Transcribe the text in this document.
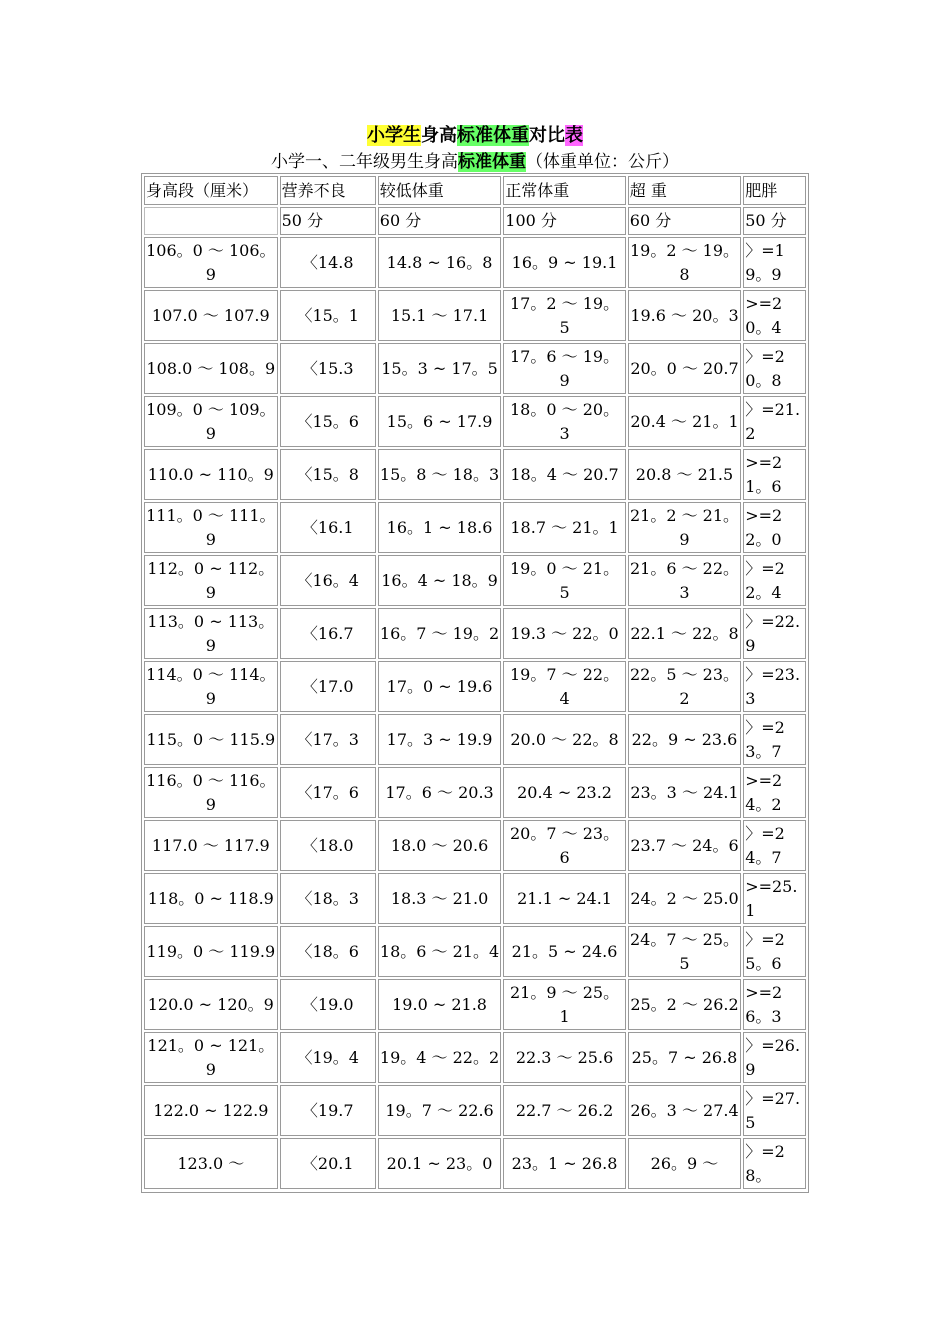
小学生身高标准体重对比表
小学一、二年级男生身高标准体重（体重单位：公斤）
身高段（厘米）	营养不良	较低体重	正常体重	超 重	肥胖
	50 分	60 分	100 分	60 分	50 分
106。0 ～ 106。9	〈14.8	14.8 ~ 16。8	16。9 ~ 19.1	19。2 ～ 19。8	〉=19。9
107.0 ～ 107.9	〈15。1	15.1 ～ 17.1	17。2 ～ 19。5	19.6 ～ 20。3	>=20。4
108.0 ～ 108。9	〈15.3	15。3 ~ 17。5	17。6 ～ 19。9	20。0 ～ 20.7	〉=20。8
109。0 ～ 109。9	〈15。6	15。6 ~ 17.9	18。0 ～ 20。3	20.4 ～ 21。1	〉=21.2
110.0 ~ 110。9	〈15。8	15。8 ～ 18。3	18。4 ～ 20.7	20.8 ～ 21.5	>=21。6
111。0 ～ 111。9	〈16.1	16。1 ~ 18.6	18.7 ～ 21。1	21。2 ～ 21。9	>=22。0
112。0 ~ 112。9	〈16。4	16。4 ~ 18。9	19。0 ～ 21。5	21。6 ～ 22。3	〉=22。4
113。0 ~ 113。9	〈16.7	16。7 ～ 19。2	19.3 ～ 22。0	22.1 ～ 22。8	〉=22.9
114。0 ～ 114。9	〈17.0	17。0 ~ 19.6	19。7 ～ 22。4	22。5 ～ 23。2	〉=23.3
115。0 ～ 115.9	〈17。3	17。3 ~ 19.9	20.0 ～ 22。8	22。9 ~ 23.6	〉=23。7
116。0 ～ 116。9	〈17。6	17。6 ～ 20.3	20.4 ~ 23.2	23。3 ～ 24.1	>=24。2
117.0 ～ 117.9	〈18.0	18.0 ～ 20.6	20。7 ～ 23。6	23.7 ～ 24。6	〉=24。7
118。0 ~ 118.9	〈18。3	18.3 ～ 21.0	21.1 ~ 24.1	24。2 ～ 25.0	>=25.1
119。0 ～ 119.9	〈18。6	18。6 ～ 21。4	21。5 ~ 24.6	24。7 ～ 25。5	〉=25。6
120.0 ~ 120。9	〈19.0	19.0 ~ 21.8	21。9 ～ 25。1	25。2 ～ 26.2	>=26。3
121。0 ~ 121。9	〈19。4	19。4 ～ 22。2	22.3 ～ 25.6	25。7 ~ 26.8	〉=26.9
122.0 ~ 122.9	〈19.7	19。7 ～ 22.6	22.7 ～ 26.2	26。3 ～ 27.4	〉=27.5
123.0 ～	〈20.1	20.1 ~ 23。0	23。1 ~ 26.8	26。9 ～	〉=28。
